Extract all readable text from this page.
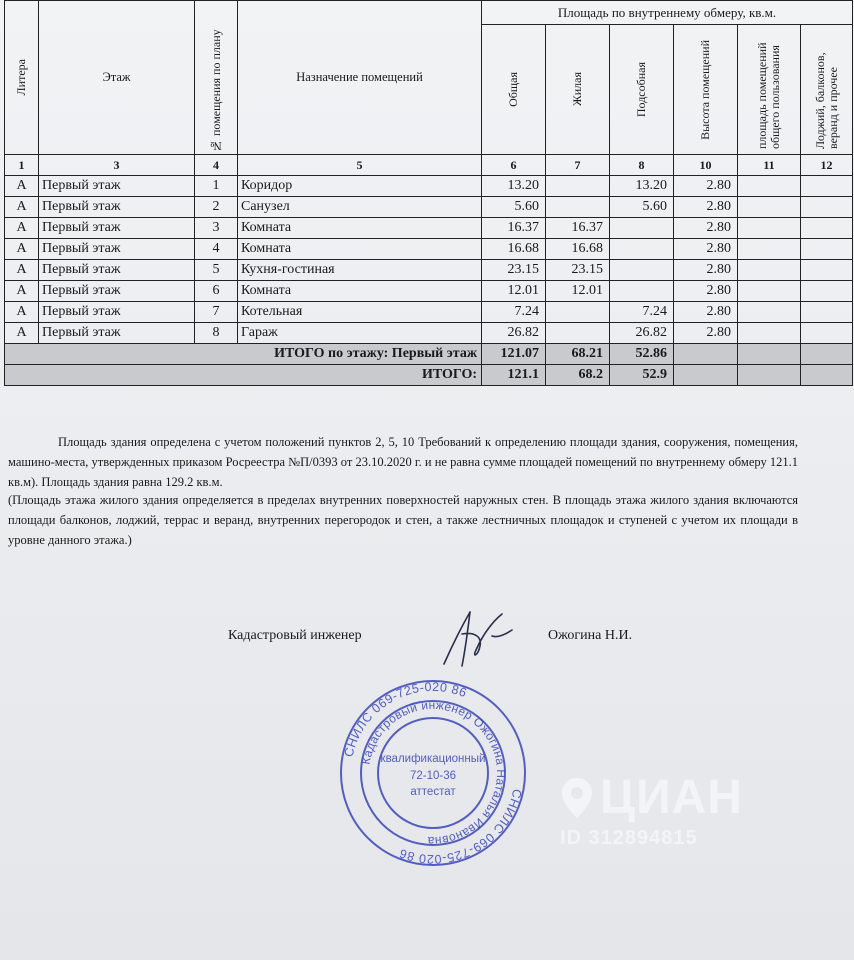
Литера	Этаж	№ помещения по плану	Назначение помещений	Площадь по внутреннему обмеру, кв.м.					

				Общая	Жилая	Подсобная	Высота помещений	площадь помещений общего пользования	Лоджий, балконов, веранд и прочее

1	3	4	5	6	7	8	10	11	12
А	Первый этаж	1	Коридор	13.20		13.20	2.80		
А	Первый этаж	2	Санузел	5.60		5.60	2.80		
А	Первый этаж	3	Комната	16.37	16.37		2.80		
А	Первый этаж	4	Комната	16.68	16.68		2.80		
А	Первый этаж	5	Кухня-гостиная	23.15	23.15		2.80		
А	Первый этаж	6	Комната	12.01	12.01		2.80		
А	Первый этаж	7	Котельная	7.24		7.24	2.80		
А	Первый этаж	8	Гараж	26.82		26.82	2.80		
ИТОГО по этажу: Первый этаж				121.07	68.21	52.86			
ИТОГО:				121.1	68.2	52.9			
Площадь здания определена с учетом положений пунктов 2, 5, 10 Требований к определению площади здания, сооружения, помещения, машино-места, утвержденных приказом Росреестра №П/0393 от 23.10.2020 г. и не равна сумме площадей помещений по внутреннему обмеру 121.1 кв.м). Площадь здания равна 129.2 кв.м.
(Площадь этажа жилого здания определяется в пределах внутренних поверхностей наружных стен. В площадь этажа жилого здания включаются площади балконов, лоджий, террас и веранд, внутренних перегородок и стен, а также лестничных площадок и ступеней с учетом их площади в уровне данного этажа.)
Кадастровый инженер	Ожогина Н.И.
СНИЛС 069-725-020 86
СНИЛС 069-725-020 86
Кадастровый инженер Ожогина Наталья Ивановна
квалификационный
72-10-36
аттестат	ЦИАН
ID 312894815
